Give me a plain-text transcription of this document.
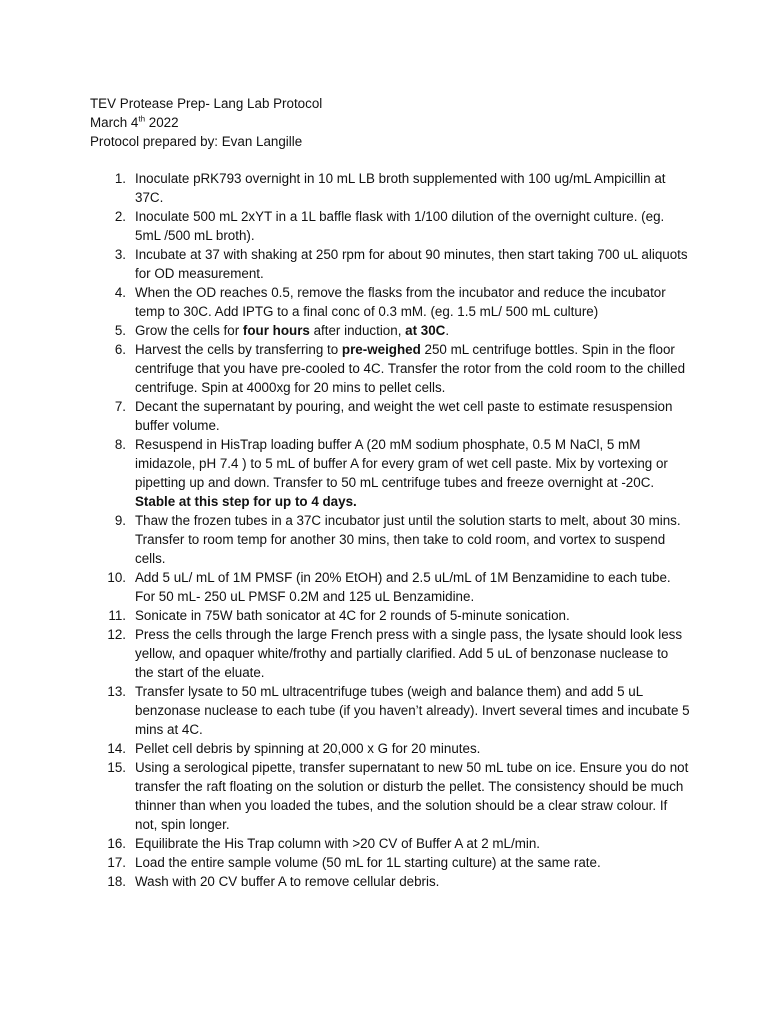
TEV Protease Prep- Lang Lab Protocol
March 4th 2022
Protocol prepared by: Evan Langille
1. Inoculate pRK793 overnight in 10 mL LB broth supplemented with 100 ug/mL Ampicillin at 37C.
2. Inoculate 500 mL 2xYT in a 1L baffle flask with 1/100 dilution of the overnight culture. (eg. 5mL /500 mL broth).
3. Incubate at 37 with shaking at 250 rpm for about 90 minutes, then start taking 700 uL aliquots for OD measurement.
4. When the OD reaches 0.5, remove the flasks from the incubator and reduce the incubator temp to 30C. Add IPTG to a final conc of 0.3 mM. (eg. 1.5 mL/ 500 mL culture)
5. Grow the cells for four hours after induction, at 30C.
6. Harvest the cells by transferring to pre-weighed 250 mL centrifuge bottles. Spin in the floor centrifuge that you have pre-cooled to 4C. Transfer the rotor from the cold room to the chilled centrifuge. Spin at 4000xg for 20 mins to pellet cells.
7. Decant the supernatant by pouring, and weight the wet cell paste to estimate resuspension buffer volume.
8. Resuspend in HisTrap loading buffer A (20 mM sodium phosphate, 0.5 M NaCl, 5 mM imidazole, pH 7.4 ) to 5 mL of buffer A for every gram of wet cell paste. Mix by vortexing or pipetting up and down. Transfer to 50 mL centrifuge tubes and freeze overnight at -20C. Stable at this step for up to 4 days.
9. Thaw the frozen tubes in a 37C incubator just until the solution starts to melt, about 30 mins. Transfer to room temp for another 30 mins, then take to cold room, and vortex to suspend cells.
10. Add 5 uL/ mL of 1M PMSF (in 20% EtOH) and 2.5 uL/mL of 1M Benzamidine to each tube.
For 50 mL- 250 uL PMSF 0.2M and 125 uL Benzamidine.
11. Sonicate in 75W bath sonicator at 4C for 2 rounds of 5-minute sonication.
12. Press the cells through the large French press with a single pass, the lysate should look less yellow, and opaquer white/frothy and partially clarified. Add 5 uL of benzonase nuclease to the start of the eluate.
13. Transfer lysate to 50 mL ultracentrifuge tubes (weigh and balance them) and add 5 uL benzonase nuclease to each tube (if you haven’t already). Invert several times and incubate 5 mins at 4C.
14. Pellet cell debris by spinning at 20,000 x G for 20 minutes.
15. Using a serological pipette, transfer supernatant to new 50 mL tube on ice. Ensure you do not transfer the raft floating on the solution or disturb the pellet. The consistency should be much thinner than when you loaded the tubes, and the solution should be a clear straw colour. If not, spin longer.
16. Equilibrate the His Trap column with >20 CV of Buffer A at 2 mL/min.
17. Load the entire sample volume (50 mL for 1L starting culture) at the same rate.
18. Wash with 20 CV buffer A to remove cellular debris.
